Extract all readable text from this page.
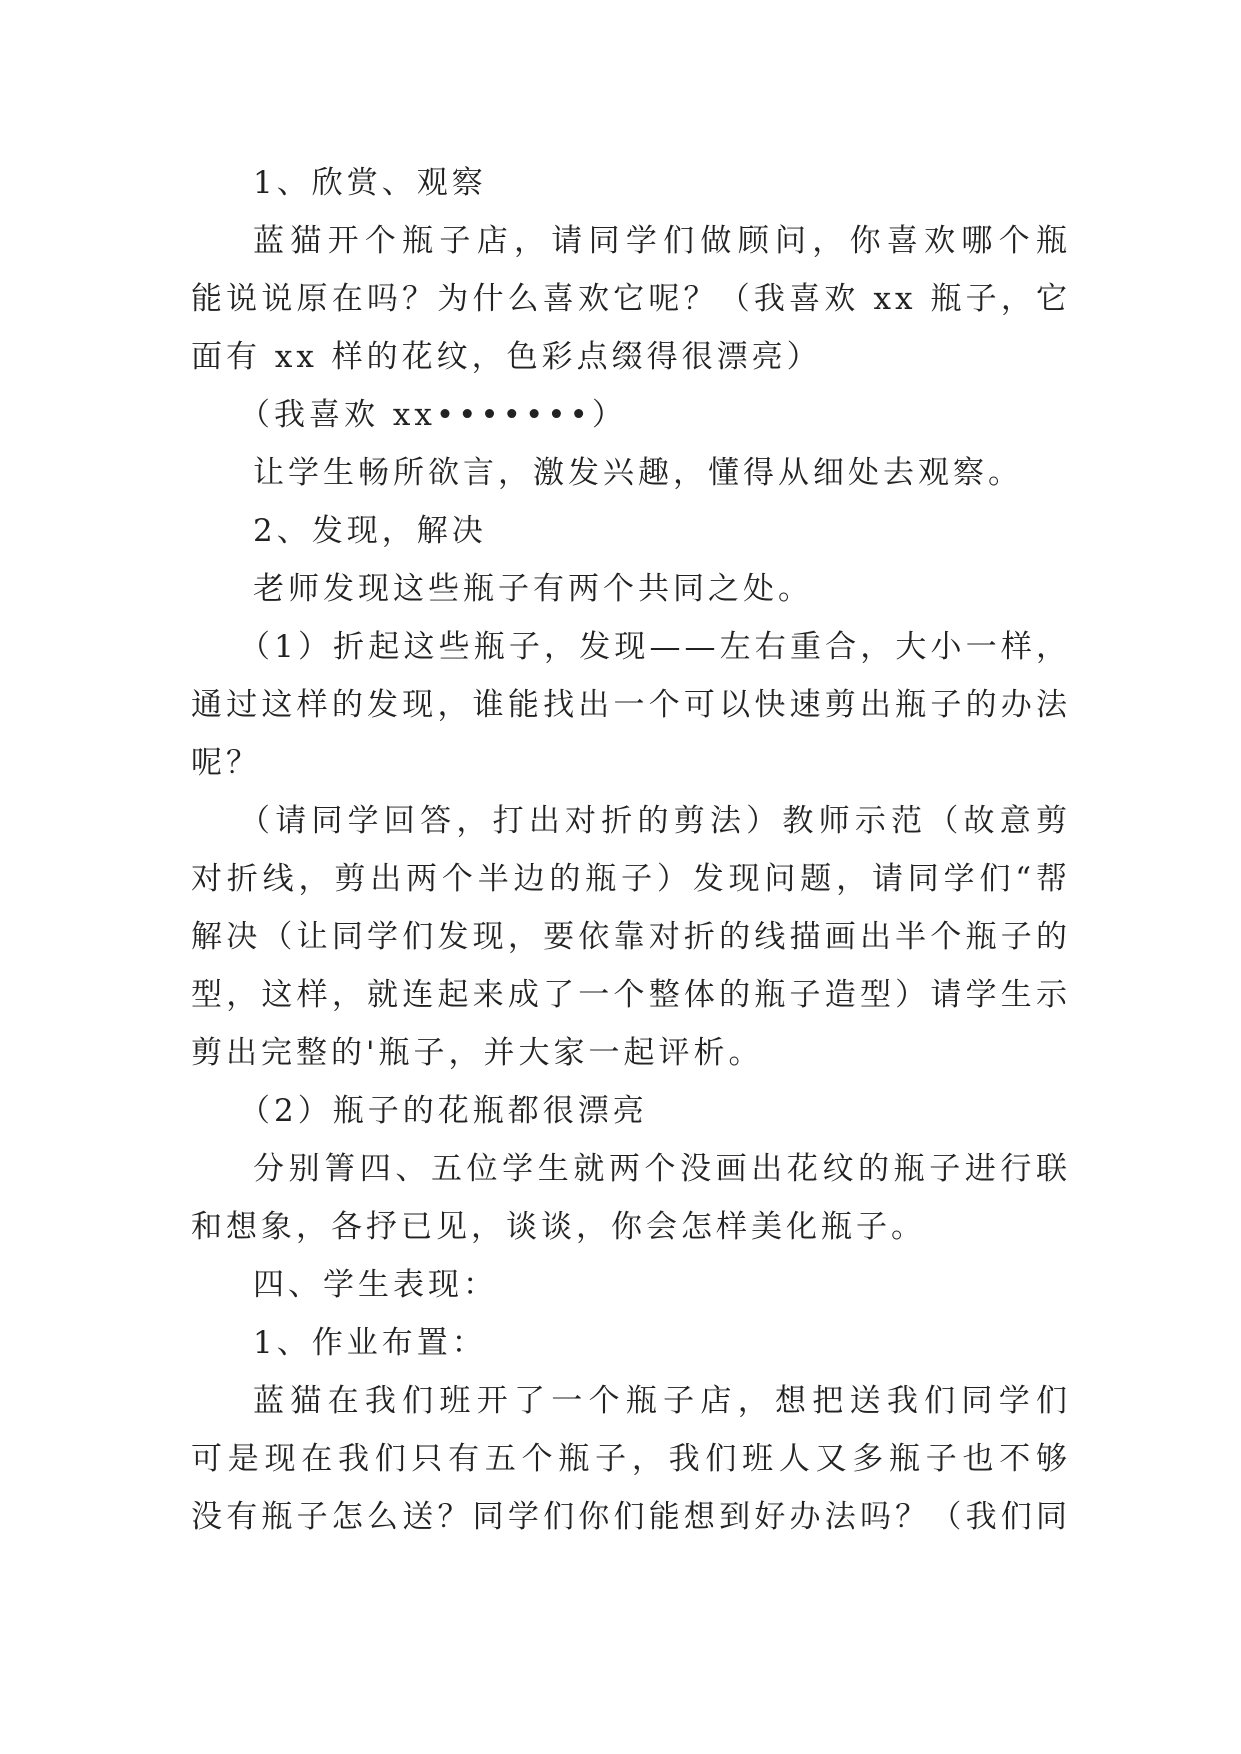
1、欣赏、观察
蓝猫开个瓶子店，请同学们做顾问，你喜欢哪个瓶
能说说原在吗？为什么喜欢它呢？（我喜欢 xx 瓶子，它
面有 xx 样的花纹，色彩点缀得很漂亮）
（我喜欢 xx•••••••）
让学生畅所欲言，激发兴趣，懂得从细处去观察。
2、发现，解决
老师发现这些瓶子有两个共同之处。
（1）折起这些瓶子，发现——左右重合，大小一样，
通过这样的发现，谁能找出一个可以快速剪出瓶子的办法
呢？
（请同学回答，打出对折的剪法）教师示范（故意剪
对折线，剪出两个半边的瓶子）发现问题，请同学们“帮
解决（让同学们发现，要依靠对折的线描画出半个瓶子的
型，这样，就连起来成了一个整体的瓶子造型）请学生示
剪出完整的'瓶子，并大家一起评析。
（2）瓶子的花瓶都很漂亮
分别箐四、五位学生就两个没画出花纹的瓶子进行联
和想象，各抒已见，谈谈，你会怎样美化瓶子。
四、学生表现：
1、作业布置：
蓝猫在我们班开了一个瓶子店，想把送我们同学们
可是现在我们只有五个瓶子，我们班人又多瓶子也不够
没有瓶子怎么送？同学们你们能想到好办法吗？（我们同
